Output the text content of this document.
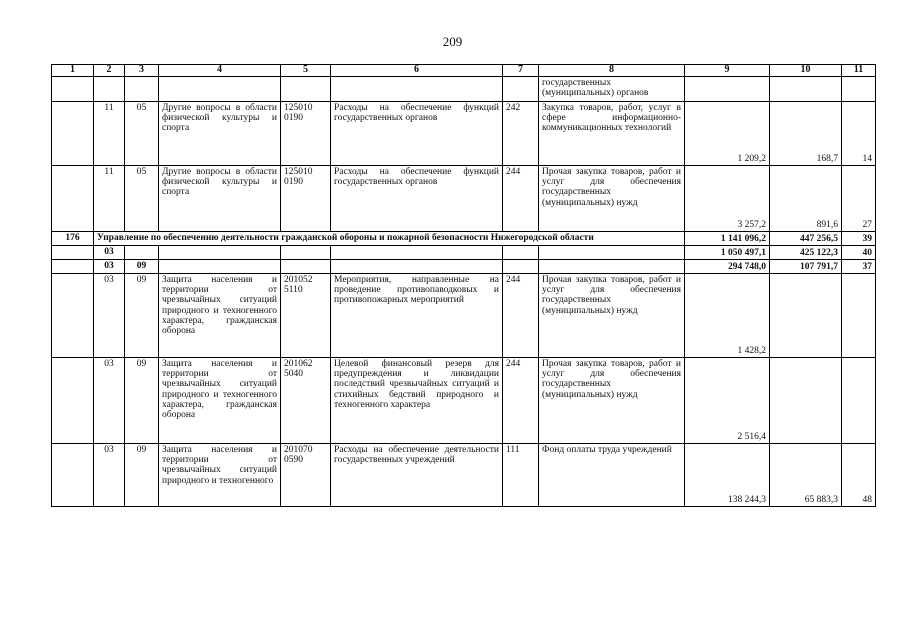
209
1	2	3	4	5	6	7	8	9	10	11
							государственных (муниципальных) органов			
	11	05	Другие вопросы в области физической культуры и спорта	125010 0190	Расходы на обеспечение функций государственных органов	242	Закупка товаров, работ, услуг в сфере информационно-коммуникационных технологий	1 209,2	168,7	14
	11	05	Другие вопросы в области физической культуры и спорта	125010 0190	Расходы на обеспечение функций государственных органов	244	Прочая закупка товаров, работ и услуг для обеспечения государственных (муниципальных) нужд	3 257,2	891,6	27
176	Управление по обеспечению деятельности гражданской обороны и пожарной безопасности Нижегородской области							1 141 096,2	447 256,5	39
	03							1 050 497,1	425 122,3	40
	03	09						294 748,0	107 791,7	37
	03	09	Защита населения и территории от чрезвычайных ситуаций природного и техногенного характера, гражданская оборона	201052 5110	Мероприятия, направленные на проведение противопаводковых и противопожарных мероприятий	244	Прочая закупка товаров, работ и услуг для обеспечения государственных (муниципальных) нужд	1 428,2		
	03	09	Защита населения и территории от чрезвычайных ситуаций природного и техногенного характера, гражданская оборона	201062 5040	Целевой финансовый резерв для предупреждения и ликвидации последствий чрезвычайных ситуаций и стихийных бедствий природного и техногенного характера	244	Прочая закупка товаров, работ и услуг для обеспечения государственных (муниципальных) нужд	2 516,4		
	03	09	Защита населения и территории от чрезвычайных ситуаций природного и техногенного	201070 0590	Расходы на обеспечение деятельности государственных учреждений	111	Фонд оплаты труда учреждений	138 244,3	65 883,3	48
